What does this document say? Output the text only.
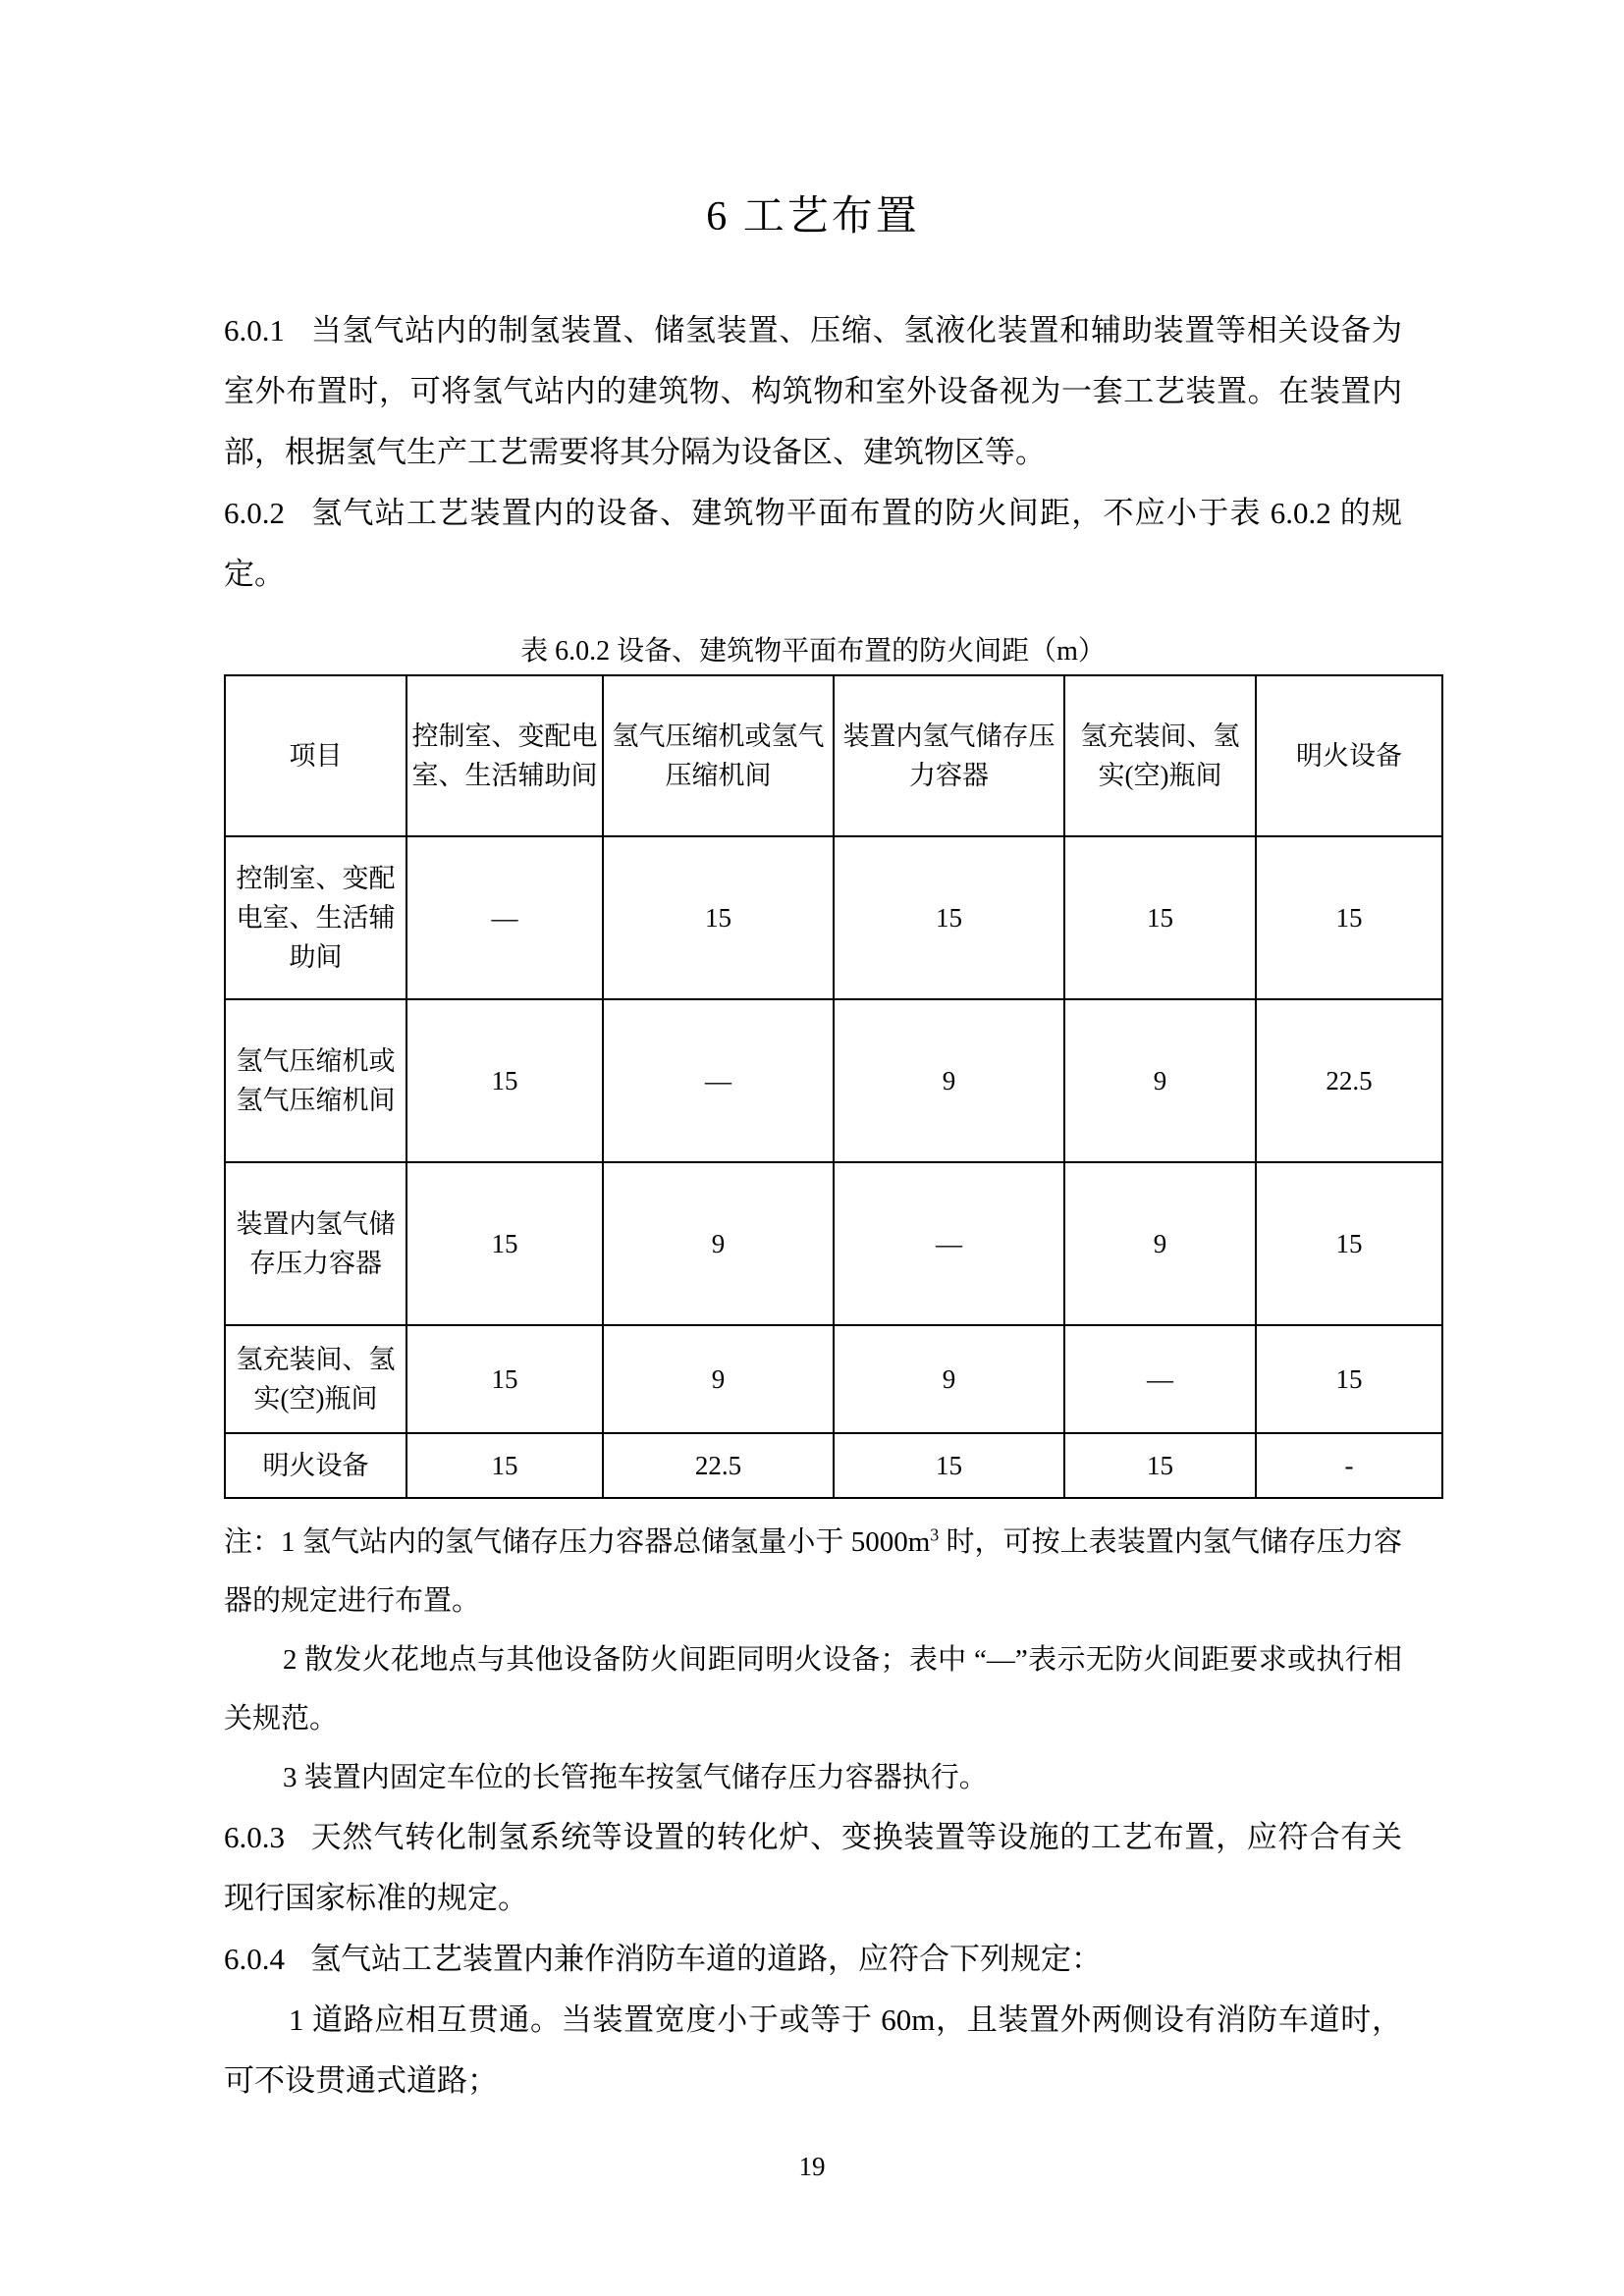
6 工艺布置

6.0.1 当氢气站内的制氢装置、储氢装置、压缩、氢液化装置和辅助装置等相关设备为室外布置时，可将氢气站内的建筑物、构筑物和室外设备视为一套工艺装置。在装置内部，根据氢气生产工艺需要将其分隔为设备区、建筑物区等。

6.0.2 氢气站工艺装置内的设备、建筑物平面布置的防火间距，不应小于表 6.0.2 的规定。

表 6.0.2 设备、建筑物平面布置的防火间距（m）
项目	控制室、变配电室、生活辅助间	氢气压缩机或氢气压缩机间	装置内氢气储存压力容器	氢充装间、氢实(空)瓶间	明火设备
控制室、变配电室、生活辅助间	—	15	15	15	15
氢气压缩机或氢气压缩机间	15	—	9	9	22.5
装置内氢气储存压力容器	15	9	—	9	15
氢充装间、氢实(空)瓶间	15	9	9	—	15
明火设备	15	22.5	15	15	-

注：1 氢气站内的氢气储存压力容器总储氢量小于 $5000m^3$ 时，可按上表装置内氢气储存压力容器的规定进行布置。

2 散发火花地点与其他设备防火间距同明火设备；表中 “—”表示无防火间距要求或执行相关规范。

3 装置内固定车位的长管拖车按氢气储存压力容器执行。

6.0.3 天然气转化制氢系统等设置的转化炉、变换装置等设施的工艺布置，应符合有关现行国家标准的规定。

6.0.4 氢气站工艺装置内兼作消防车道的道路，应符合下列规定：

1 道路应相互贯通。当装置宽度小于或等于 60m，且装置外两侧设有消防车道时，可不设贯通式道路；

19
